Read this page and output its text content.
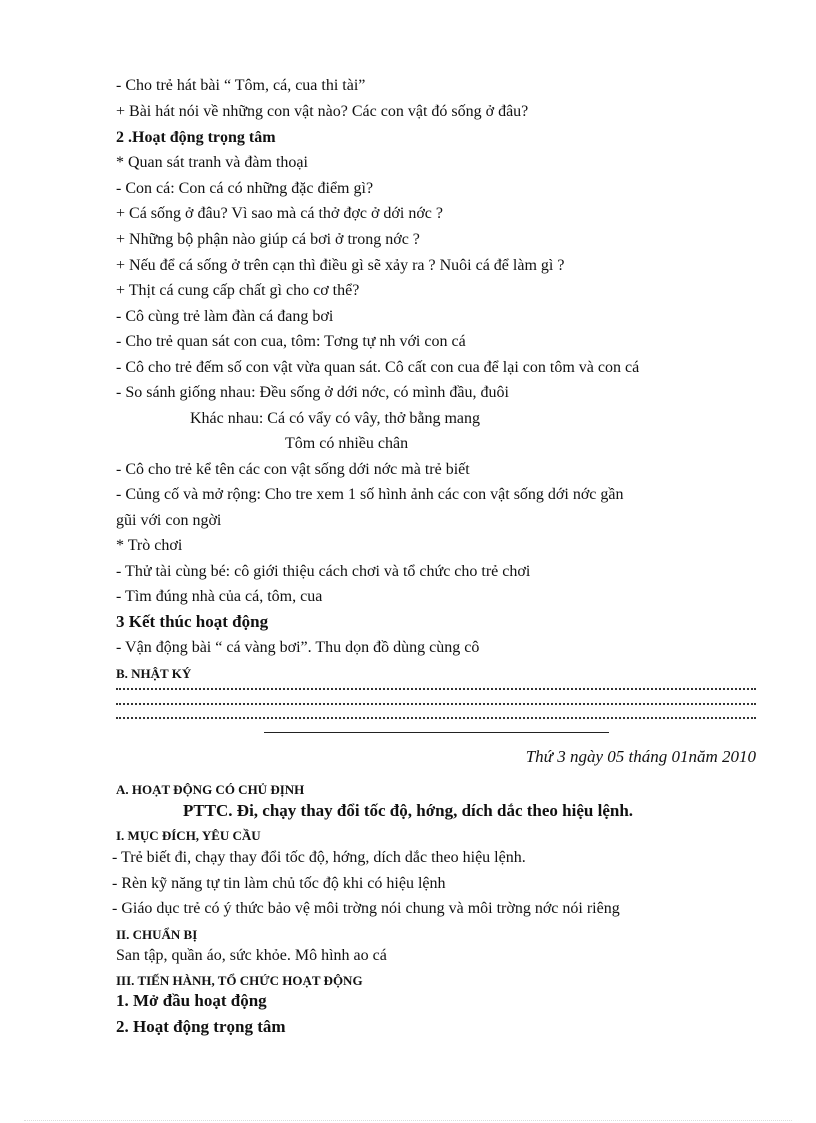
- Cho trẻ hát bài “ Tôm, cá, cua thi tài”
+ Bài hát nói về những con vật nào? Các con vật đó sống ở đâu?
2 .Hoạt động trọng tâm
* Quan sát tranh và đàm thoại
- Con cá: Con cá có những đặc điểm gì?
+ Cá sống ở đâu? Vì sao mà cá thở đợc ở dới nớc ?
+ Những bộ phận nào giúp cá bơi ở trong nớc ?
+ Nếu để cá sống ở trên cạn thì điều gì sẽ xảy ra ? Nuôi cá để làm gì ?
+ Thịt cá cung cấp chất gì cho cơ thể?
- Cô cùng trẻ làm đàn cá đang bơi
- Cho trẻ quan sát con cua, tôm: Tơng tự nh với con cá
- Cô cho trẻ đếm số con vật vừa quan sát. Cô cất con cua để lại con tôm và con cá
- So sánh giống nhau: Đều sống ở dới nớc, có mình đầu, đuôi
Khác nhau: Cá có vẩy có vây, thở bằng mang
Tôm có nhiều chân
- Cô cho trẻ kể tên các con vật sống dới nớc mà trẻ biết
- Củng cố và mở rộng: Cho tre xem 1 số hình ảnh các con vật sống dới nớc gần
gũi với con ngời
* Trò chơi
- Thử tài cùng bé: cô giới thiệu cách chơi và tổ chức cho trẻ chơi
- Tìm đúng nhà của cá, tôm, cua
3 Kết thúc hoạt động
- Vận động bài “ cá vàng bơi”. Thu dọn đồ dùng cùng cô
B. NHẬT KÝ
Thứ 3 ngày 05 tháng 01năm 2010
A. HOẠT ĐỘNG CÓ CHỦ ĐỊNH
PTTC. Đi, chạy thay đổi tốc độ, hớng, dích dắc theo hiệu lệnh.
I. MỤC ĐÍCH, YÊU CẦU
- Trẻ biết đi, chạy thay đổi tốc độ, hớng, dích dắc theo hiệu lệnh.
- Rèn kỹ năng tự tin làm chủ tốc độ khi có hiệu lệnh
- Giáo dục trẻ có ý thức bảo vệ môi trờng nói chung và môi trờng nớc nói riêng
II. CHUẨN BỊ
San tập, quần áo, sức khỏe. Mô hình ao cá
III. TIẾN HÀNH, TỔ CHỨC HOẠT ĐỘNG
1. Mở đầu hoạt động
2. Hoạt động trọng tâm
